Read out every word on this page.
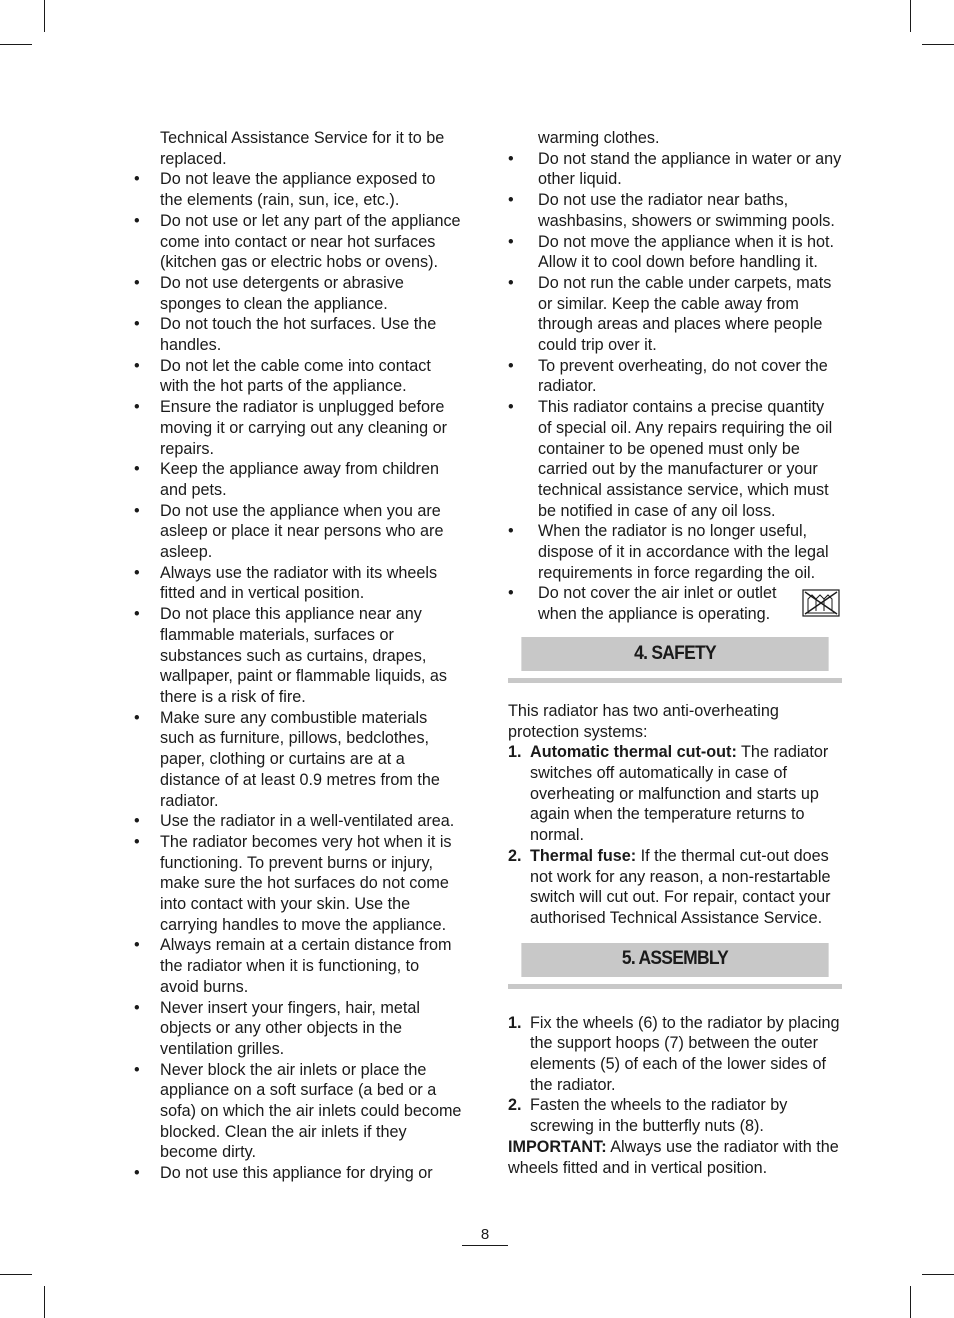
Technical Assistance Service for it to be replaced.
•	Do not leave the appliance exposed to the elements (rain, sun, ice, etc.).
•	Do not use or let any part of the appliance come into contact or near hot surfaces (kitchen gas or electric hobs or ovens).
•	Do not use detergents or abrasive sponges to clean the appliance.
•	Do not touch the hot surfaces. Use the handles.
•	Do not let the cable come into contact with the hot parts of the appliance.
•	Ensure the radiator is unplugged before moving it or carrying out any cleaning or repairs.
•	Keep the appliance away from children and pets.
•	Do not use the appliance when you are asleep or place it near persons who are asleep.
•	Always use the radiator with its wheels fitted and in vertical position.
•	Do not place this appliance near any flammable materials, surfaces or substances such as curtains, drapes, wallpaper, paint or flammable liquids, as there is a risk of fire.
•	Make sure any combustible materials such as furniture, pillows, bedclothes, paper, clothing or curtains are at a distance of at least 0.9 metres from the radiator.
•	Use the radiator in a well-ventilated area.
•	The radiator becomes very hot when it is functioning. To prevent burns or injury, make sure the hot surfaces do not come into contact with your skin. Use the carrying handles to move the appliance.
•	Always remain at a certain distance from the radiator when it is functioning, to avoid burns.
•	Never insert your fingers, hair, metal objects or any other objects in the ventilation grilles.
•	Never block the air inlets or place the appliance on a soft surface (a bed or a sofa) on which the air inlets could become blocked. Clean the air inlets if they become dirty.
•	Do not use this appliance for drying or
warming clothes.
•	Do not stand the appliance in water or any other liquid.
•	Do not use the radiator near baths, washbasins, showers or swimming pools.
•	Do not move the appliance when it is hot. Allow it to cool down before handling it.
•	Do not run the cable under carpets, mats or similar. Keep the cable away from through areas and places where people could trip over it.
•	To prevent overheating, do not cover the radiator.
•	This radiator contains a precise quantity of special oil. Any repairs requiring the oil container to be opened must only be carried out by the manufacturer or your technical assistance service, which must be notified in case of any oil loss.
•	When the radiator is no longer useful, dispose of it in accordance with the legal requirements in force regarding the oil.
•	Do not cover the air inlet or outlet when the appliance is operating.
4. SAFETY

This radiator has two anti-overheating protection systems:

1. Automatic thermal cut-out: The radiator switches off automatically in case of overheating or malfunction and starts up again when the temperature returns to normal.
2. Thermal fuse: If the thermal cut-out does not work for any reason, a non-restartable switch will cut out. For repair, contact your authorised Technical Assistance Service.
5. ASSEMBLY
1. Fix the wheels (6) to the radiator by placing the support hoops (7) between the outer elements (5) of each of the lower sides of the radiator.
2. Fasten the wheels to the radiator by screwing in the butterfly nuts (8).

IMPORTANT: Always use the radiator with the wheels fitted and in vertical position.

8
